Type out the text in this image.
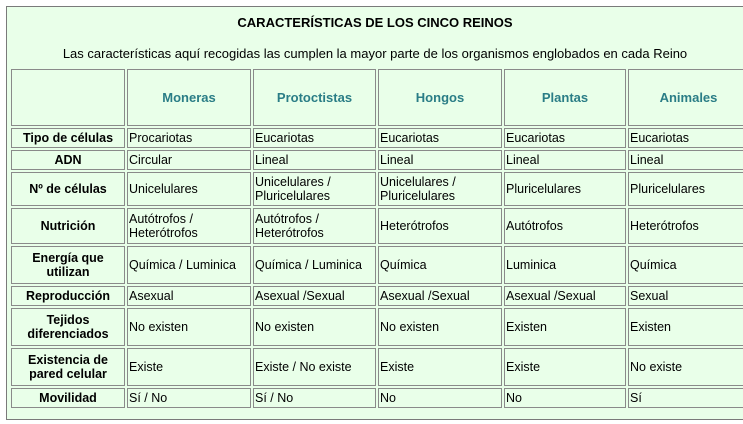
CARACTERÍSTICAS DE LOS CINCO REINOS
Las características aquí recogidas las cumplen la mayor parte de los organismos englobados en cada Reino
	Moneras	Protoctistas	Hongos	Plantas	Animales
Tipo de células	Procariotas	Eucariotas	Eucariotas	Eucariotas	Eucariotas
ADN	Circular	Lineal	Lineal	Lineal	Lineal
Nº de células	Unicelulares	Unicelulares / Pluricelulares	Unicelulares / Pluricelulares	Pluricelulares	Pluricelulares
Nutrición	Autótrofos / Heterótrofos	Autótrofos / Heterótrofos	Heterótrofos	Autótrofos	Heterótrofos
Energía que utilizan	Química / Luminica	Química / Luminica	Química	Luminica	Química
Reproducción	Asexual	Asexual /Sexual	Asexual /Sexual	Asexual /Sexual	Sexual
Tejidos diferenciados	No existen	No existen	No existen	Existen	Existen
Existencia de pared celular	Existe	Existe / No existe	Existe	Existe	No existe
Movilidad	Sí / No	Sí / No	No	No	Sí
